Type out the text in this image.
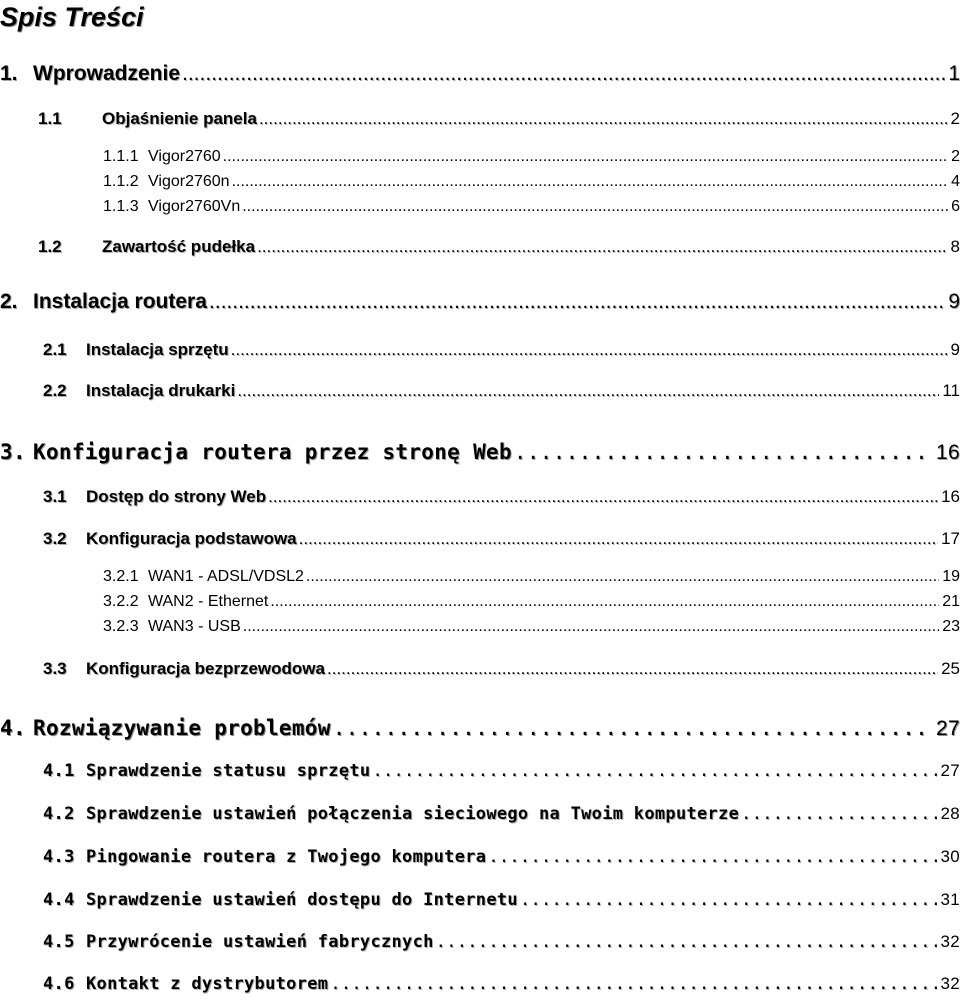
Spis Treści
1. Wprowadzenie .....	1
1.1	Objaśnienie panela .....	2
1.1.1 Vigor2760 .....	2
1.1.2 Vigor2760n .....	4
1.1.3 Vigor2760Vn .....	6
1.2	Zawartość pudełka .....	8
2. Instalacja routera .....	9
2.1	Instalacja sprzętu .....	9
2.2	Instalacja drukarki .....	11
3. Konfiguracja routera przez stronę Web .....	16
3.1	Dostęp do strony Web .....	16
3.2	Konfiguracja podstawowa .....	17
3.2.1 WAN1 - ADSL/VDSL2 .....	19
3.2.2 WAN2 - Ethernet .....	21
3.2.3 WAN3 - USB .....	23
3.3	Konfiguracja bezprzewodowa .....	25
4. Rozwiązywanie problemów .....	27
4.1 Sprawdzenie statusu sprzętu .....	27
4.2 Sprawdzenie ustawień połączenia sieciowego na Twoim komputerze .....	28
4.3 Pingowanie routera z Twojego komputera .....	30
4.4 Sprawdzenie ustawień dostępu do Internetu .....	31
4.5 Przywrócenie ustawień fabrycznych .....	32
4.6 Kontakt z dystrybutorem .....	32
